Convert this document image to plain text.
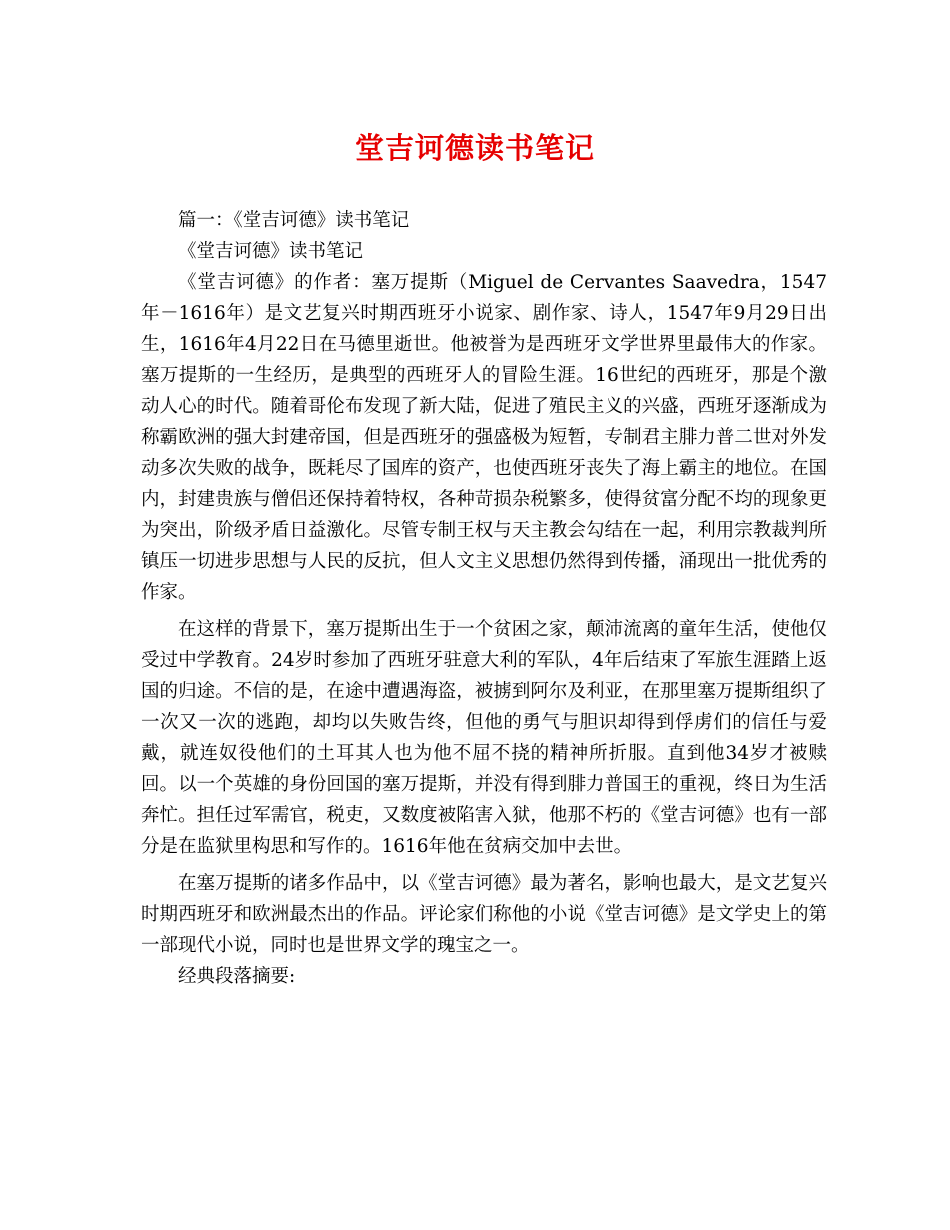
堂吉诃德读书笔记

篇一：《堂吉诃德》读书笔记

《堂吉诃德》读书笔记

《堂吉诃德》的作者：塞万提斯（Miguel de Cervantes Saavedra，1547年－1616年）是文艺复兴时期西班牙小说家、剧作家、诗人，1547年9月29日出生，1616年4月22日在马德里逝世。他被誉为是西班牙文学世界里最伟大的作家。 塞万提斯的一生经历，是典型的西班牙人的冒险生涯。16世纪的西班牙，那是个激动人心的时代。随着哥伦布发现了新大陆，促进了殖民主义的兴盛，西班牙逐渐成为称霸欧洲的强大封建帝国，但是西班牙的强盛极为短暂，专制君主腓力普二世对外发动多次失败的战争，既耗尽了国库的资产，也使西班牙丧失了海上霸主的地位。在国内，封建贵族与僧侣还保持着特权，各种苛损杂税繁多，使得贫富分配不均的现象更为突出，阶级矛盾日益激化。尽管专制王权与天主教会勾结在一起，利用宗教裁判所镇压一切进步思想与人民的反抗，但人文主义思想仍然得到传播，涌现出一批优秀的作家。

在这样的背景下，塞万提斯出生于一个贫困之家，颠沛流离的童年生活，使他仅受过中学教育。24岁时参加了西班牙驻意大利的军队，4年后结束了军旅生涯踏上返国的归途。不信的是，在途中遭遇海盗，被掳到阿尔及利亚，在那里塞万提斯组织了一次又一次的逃跑，却均以失败告终，但他的勇气与胆识却得到俘虏们的信任与爱戴，就连奴役他们的土耳其人也为他不屈不挠的精神所折服。直到他34岁才被赎回。以一个英雄的身份回国的塞万提斯，并没有得到腓力普国王的重视，终日为生活奔忙。担任过军需官，税吏，又数度被陷害入狱，他那不朽的《堂吉诃德》也有一部分是在监狱里构思和写作的。1616年他在贫病交加中去世。

在塞万提斯的诸多作品中，以《堂吉诃德》最为著名，影响也最大，是文艺复兴时期西班牙和欧洲最杰出的作品。评论家们称他的小说《堂吉诃德》是文学史上的第一部现代小说，同时也是世界文学的瑰宝之一。

经典段落摘要:
